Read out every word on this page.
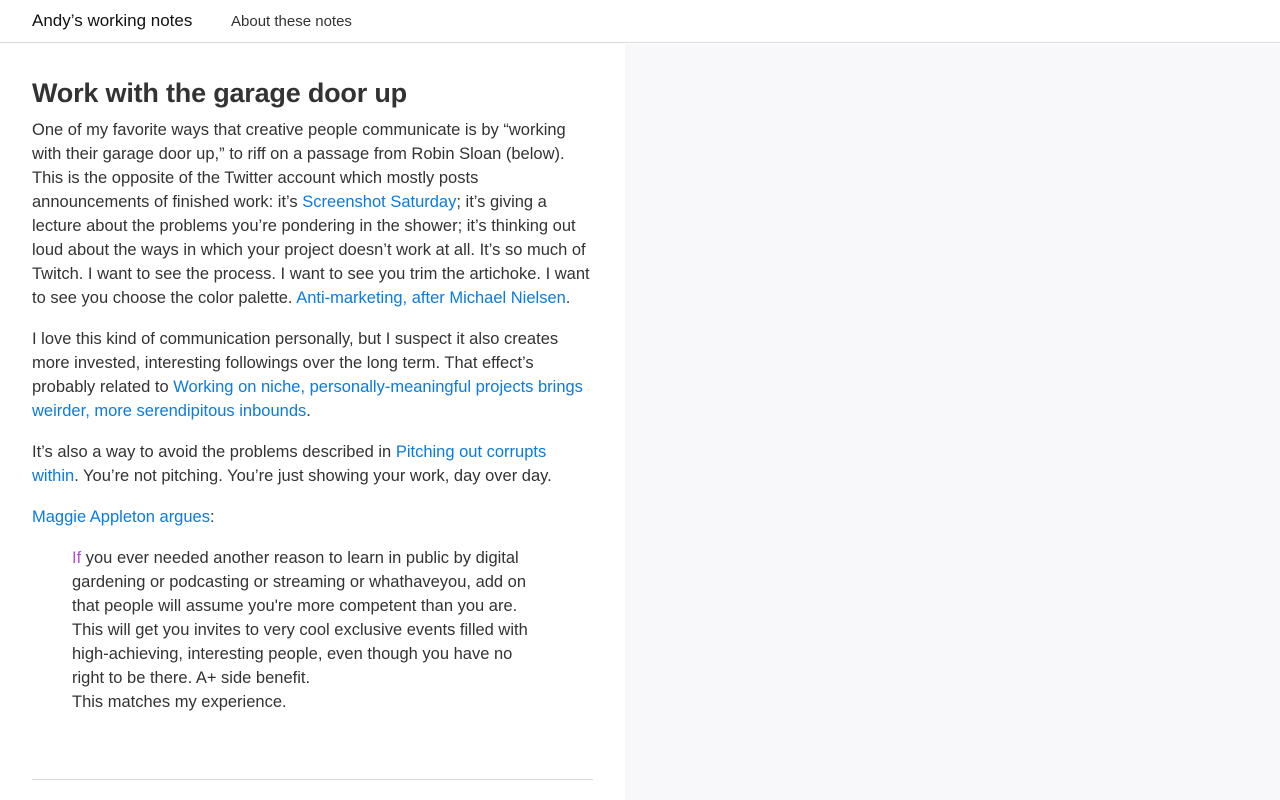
Andy’s working notes	About these notes
Work with the garage door up

One of my favorite ways that creative people communicate is by “working with their garage door up,” to riff on a passage from Robin Sloan (below). This is the opposite of the Twitter account which mostly posts announcements of finished work: it’s Screenshot Saturday; it’s giving a lecture about the problems you’re pondering in the shower; it’s thinking out loud about the ways in which your project doesn’t work at all. It’s so much of Twitch. I want to see the process. I want to see you trim the artichoke. I want to see you choose the color palette. Anti-marketing, after Michael Nielsen.

I love this kind of communication personally, but I suspect it also creates more invested, interesting followings over the long term. That effect’s probably related to Working on niche, personally-meaningful projects brings weirder, more serendipitous inbounds.

It’s also a way to avoid the problems described in Pitching out corrupts within. You’re not pitching. You’re just showing your work, day over day.

Maggie Appleton argues:

If you ever needed another reason to learn in public by digital
gardening or podcasting or streaming or whathaveyou, add on
that people will assume you're more competent than you are.
This will get you invites to very cool exclusive events filled with
high-achieving, interesting people, even though you have no
right to be there. A+ side benefit.
This matches my experience.
